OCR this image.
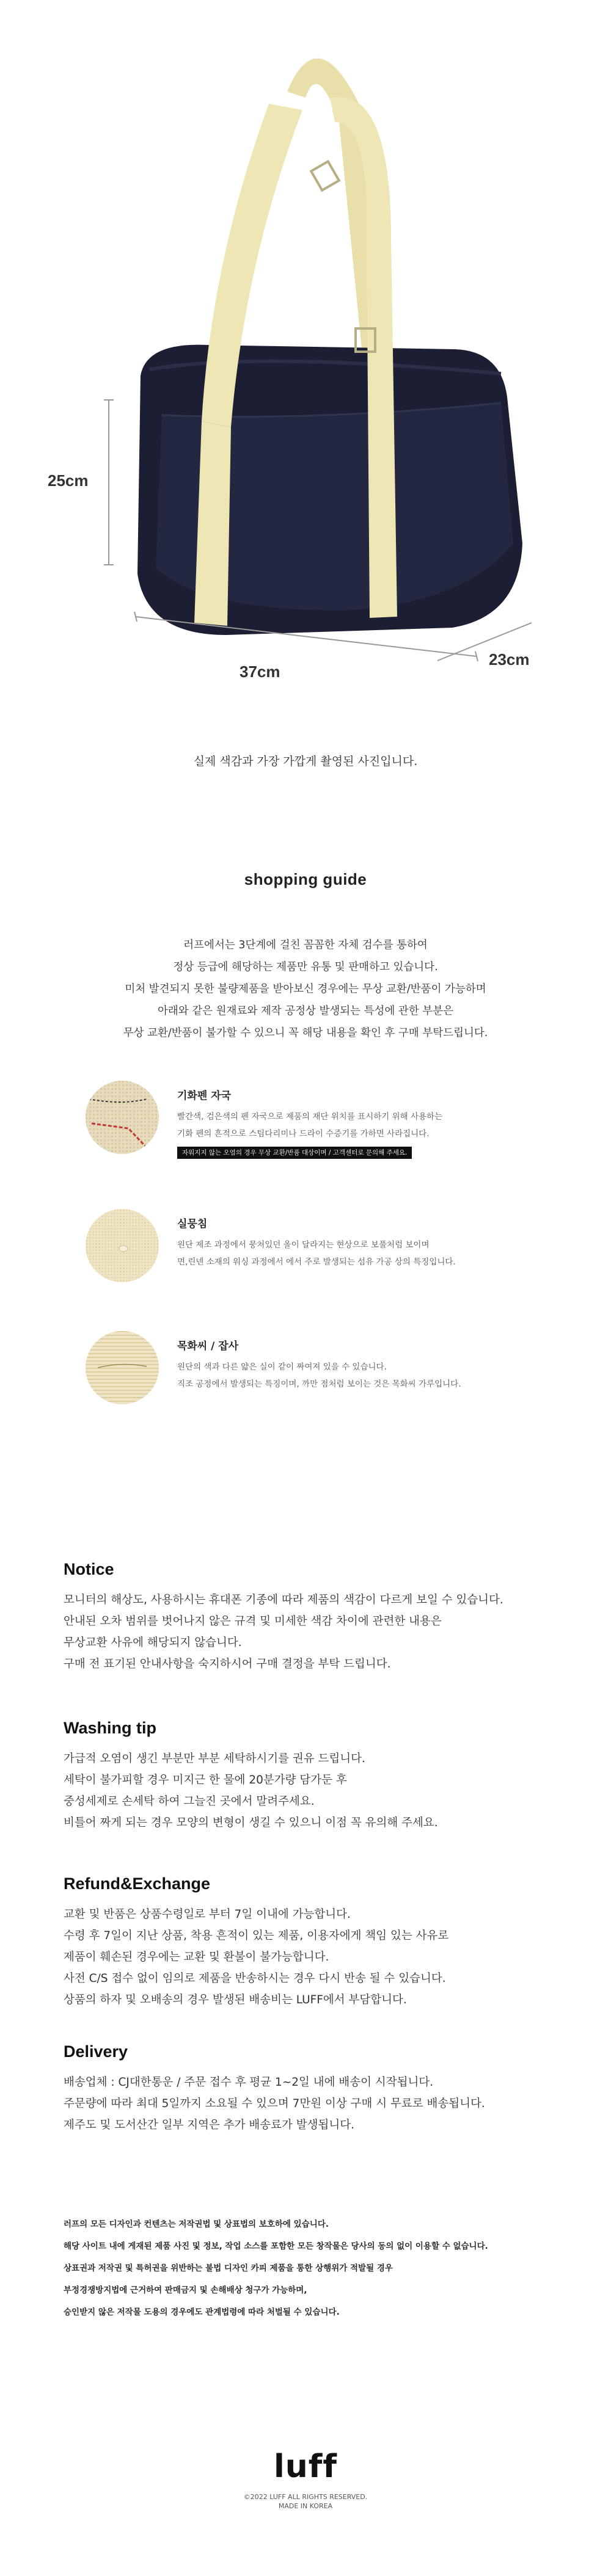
25cm
37cm
23cm
실제 색감과 가장 가깝게 촬영된 사진입니다.
shopping guide

러프에서는 3단계에 걸친 꼼꼼한 자체 검수를 통하여

정상 등급에 해당하는 제품만 유통 및 판매하고 있습니다.

미처 발견되지 못한 불량제품을 받아보신 경우에는 무상 교환/반품이 가능하며

아래와 같은 원재료와 제작 공정상 발생되는 특성에 관한 부분은

무상 교환/반품이 불가할 수 있으니 꼭 해당 내용을 확인 후 구매 부탁드립니다.

기화펜 자국

빨간색, 검은색의 펜 자국으로 제품의 재단 위치를 표시하기 위해 사용하는

기화 펜의 흔적으로 스팀다리미나 드라이 수증기를 가하면 사라집니다.

자워지지 않는 오염의 경우 무상 교환/반품 대상이며 / 고객센터로 문의해 주세요.
실뭉침

원단 제조 과정에서 뭉쳐있던 올이 달라지는 현상으로 보풀처럼 보이며

면,린넨 소재의 워싱 과정에서 에서 주로 발생되는 섬유 가공 상의 특징입니다.

목화씨 / 잡사

원단의 색과 다른 얇은 실이 같이 짜여져 있을 수 있습니다.

직조 공정에서 발생되는 특징이며, 까만 점처럼 보이는 것은 목화씨 가루입니다.

Notice

모니터의 해상도, 사용하시는 휴대폰 기종에 따라 제품의 색감이 다르게 보일 수 있습니다.

안내된 오차 범위를 벗어나지 않은 규격 및 미세한 색감 차이에 관련한 내용은

무상교환 사유에 해당되지 않습니다.

구매 전 표기된 안내사항을 숙지하시어 구매 결정을 부탁 드립니다.

Washing tip

가급적 오염이 생긴 부분만 부분 세탁하시기를 권유 드립니다.

세탁이 불가피할 경우 미지근 한 물에 20분가량 담가둔 후

중성세제로 손세탁 하여 그늘진 곳에서 말려주세요.

비틀어 짜게 되는 경우 모양의 변형이 생길 수 있으니 이점 꼭 유의해 주세요.

Refund&Exchange

교환 및 반품은 상품수령일로 부터 7일 이내에 가능합니다.

수령 후 7일이 지난 상품, 착용 흔적이 있는 제품, 이용자에게 책임 있는 사유로

제품이 훼손된 경우에는 교환 및 환불이 불가능합니다.

사전 C/S 접수 없이 임의로 제품을 반송하시는 경우 다시 반송 될 수 있습니다.

상품의 하자 및 오배송의 경우 발생된 배송비는 LUFF에서 부담합니다.

Delivery

배송업체 : CJ대한통운 / 주문 접수 후 평균 1~2일 내에 배송이 시작됩니다.

주문량에 따라 최대 5일까지 소요될 수 있으며 7만원 이상 구매 시 무료로 배송됩니다.

제주도 및 도서산간 일부 지역은 추가 배송료가 발생됩니다.

러프의 모든 디자인과 컨텐츠는 저작권법 및 상표법의 보호하에 있습니다.

해당 사이트 내에 게재된 제품 사진 및 정보, 작업 소스를 포함한 모든 창작물은 당사의 동의 없이 이용할 수 없습니다.

상표권과 저작권 및 특허권을 위반하는 불법 디자인 카피 제품을 통한 상행위가 적발될 경우

부정경쟁방지법에 근거하여 판매금지 및 손해배상 청구가 가능하며,

승인받지 않은 저작물 도용의 경우에도 관계법령에 따라 처벌될 수 있습니다.

luff
©2022 LUFF ALL RIGHTS RESERVED.
MADE IN KOREA
